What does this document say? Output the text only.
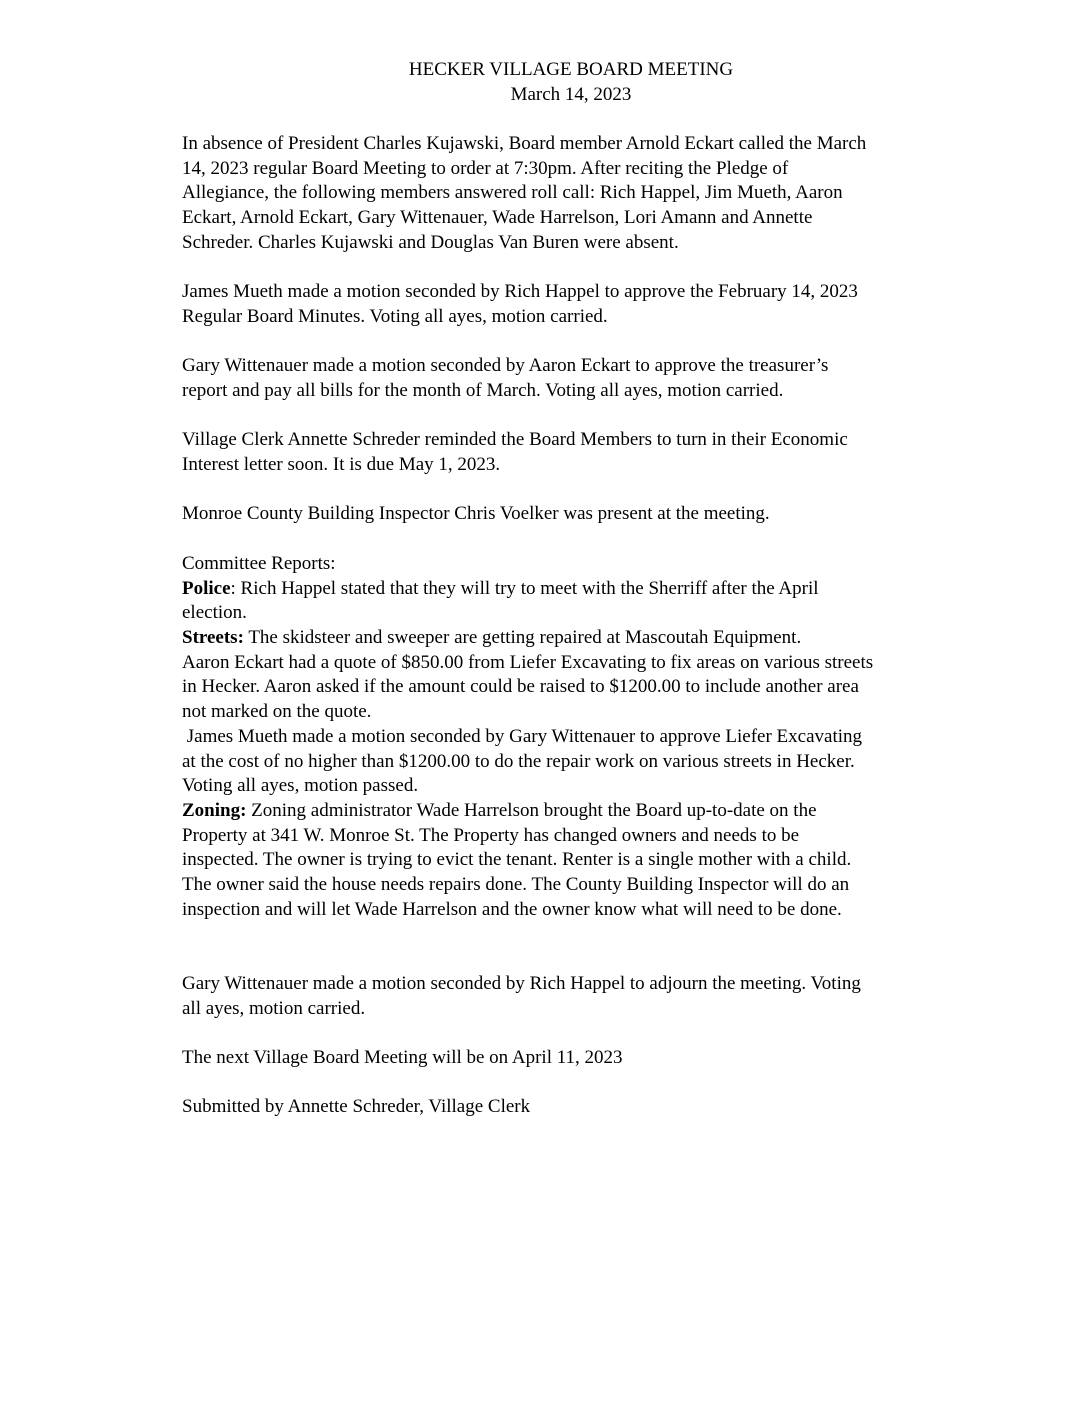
HECKER VILLAGE BOARD MEETING
March 14, 2023

In absence of President Charles Kujawski, Board member Arnold Eckart called the March
14, 2023 regular Board Meeting to order at 7:30pm. After reciting the Pledge of
Allegiance, the following members answered roll call: Rich Happel, Jim Mueth, Aaron
Eckart, Arnold Eckart, Gary Wittenauer, Wade Harrelson, Lori Amann and Annette
Schreder. Charles Kujawski and Douglas Van Buren were absent.

James Mueth made a motion seconded by Rich Happel to approve the February 14, 2023
Regular Board Minutes. Voting all ayes, motion carried.

Gary Wittenauer made a motion seconded by Aaron Eckart to approve the treasurer’s
report and pay all bills for the month of March. Voting all ayes, motion carried.

Village Clerk Annette Schreder reminded the Board Members to turn in their Economic
Interest letter soon. It is due May 1, 2023.

Monroe County Building Inspector Chris Voelker was present at the meeting.

Committee Reports:
Police: Rich Happel stated that they will try to meet with the Sherriff after the April
election.
Streets: The skidsteer and sweeper are getting repaired at Mascoutah Equipment.
Aaron Eckart had a quote of $850.00 from Liefer Excavating to fix areas on various streets
in Hecker. Aaron asked if the amount could be raised to $1200.00 to include another area
not marked on the quote.
James Mueth made a motion seconded by Gary Wittenauer to approve Liefer Excavating
at the cost of no higher than $1200.00 to do the repair work on various streets in Hecker.
Voting all ayes, motion passed.
Zoning: Zoning administrator Wade Harrelson brought the Board up-to-date on the
Property at 341 W. Monroe St. The Property has changed owners and needs to be
inspected. The owner is trying to evict the tenant. Renter is a single mother with a child.
The owner said the house needs repairs done. The County Building Inspector will do an
inspection and will let Wade Harrelson and the owner know what will need to be done.

Gary Wittenauer made a motion seconded by Rich Happel to adjourn the meeting. Voting
all ayes, motion carried.

The next Village Board Meeting will be on April 11, 2023

Submitted by Annette Schreder, Village Clerk
